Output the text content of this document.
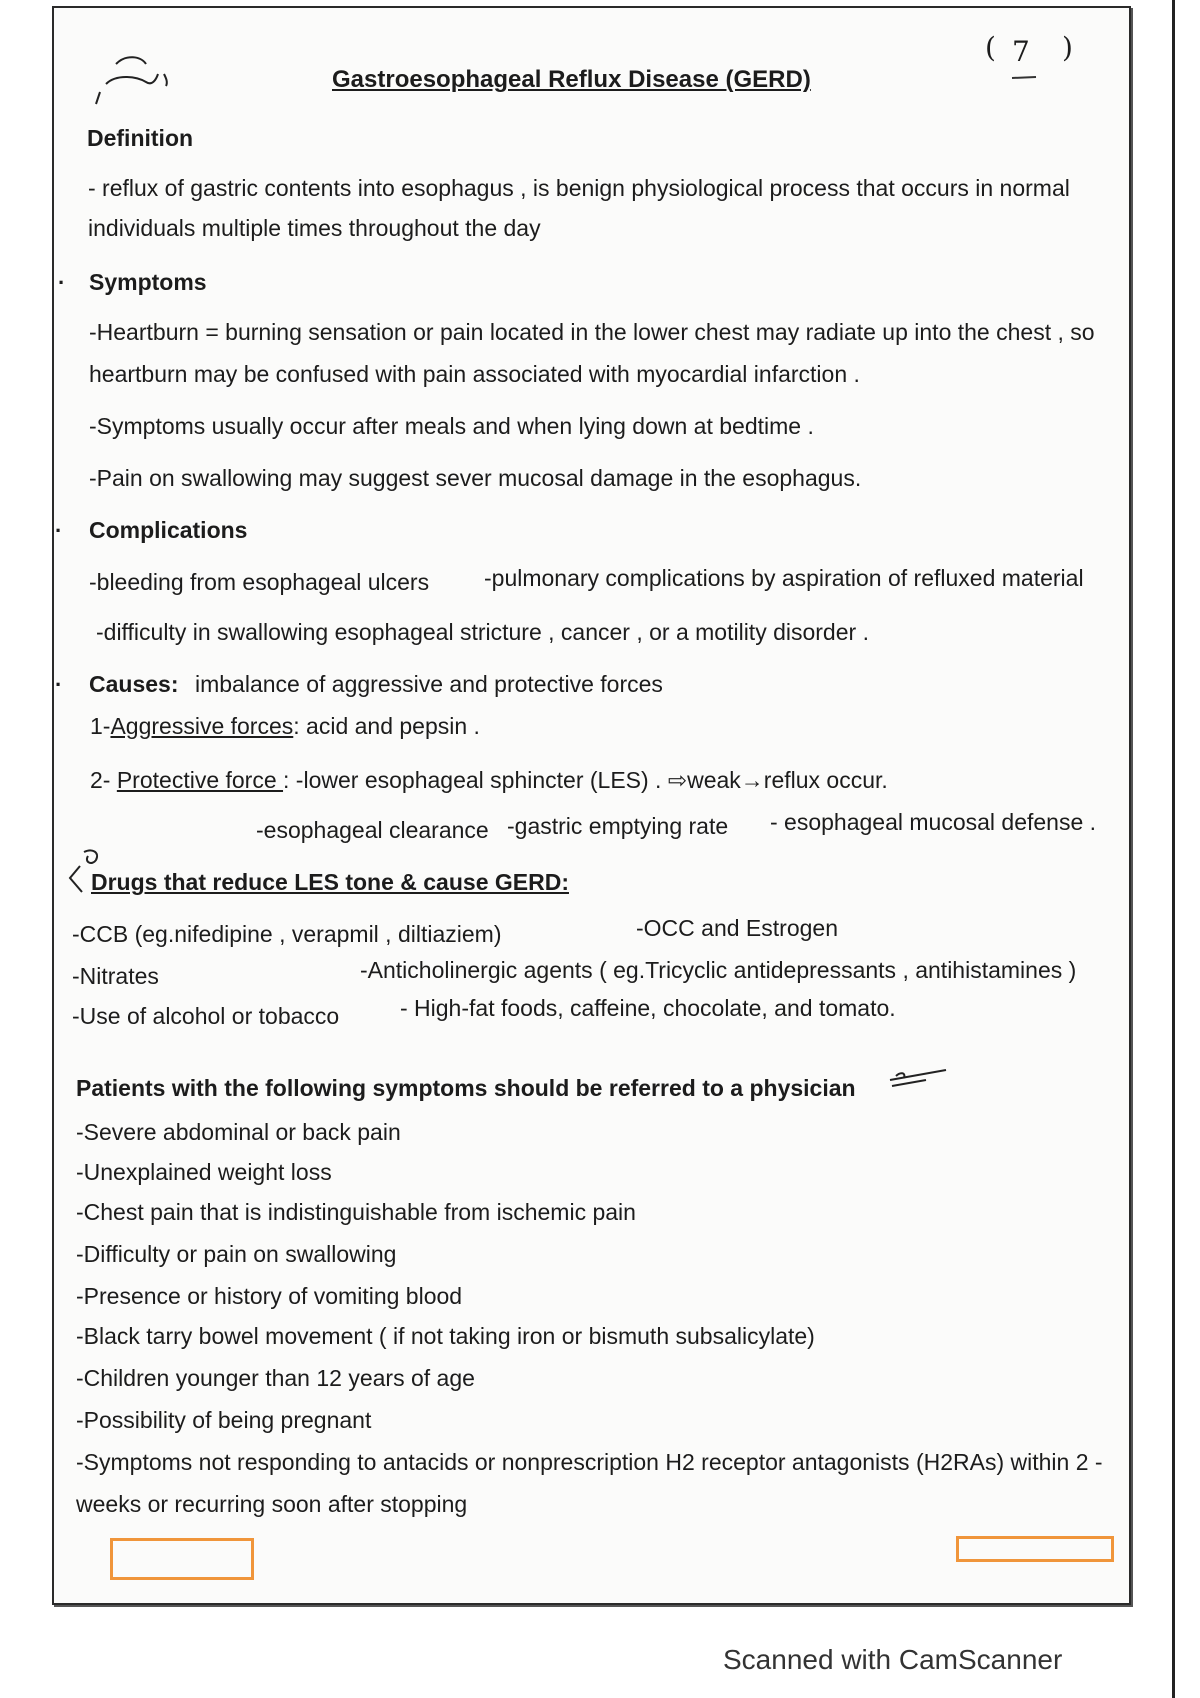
( 7 )
Gastroesophageal Reflux Disease (GERD)
Definition
- reflux of gastric contents into esophagus , is benign physiological process that occurs in normal
individuals multiple times throughout the day
· Symptoms
-Heartburn = burning sensation or pain located in the lower chest may radiate up into the chest , so
heartburn may be confused with pain associated with myocardial infarction .
-Symptoms usually occur after meals and when lying down at bedtime .
-Pain on swallowing may suggest sever mucosal damage in the esophagus.
· Complications
-bleeding from esophageal ulcers -pulmonary complications by aspiration of refluxed material
-difficulty in swallowing esophageal stricture , cancer , or a motility disorder .
· Causes: imbalance of aggressive and protective forces
1-Aggressive forces: acid and pepsin .
2- Protective force : -lower esophageal sphincter (LES) . ⇨weak→reflux occur.
-esophageal clearance -gastric emptying rate - esophageal mucosal defense .
Drugs that reduce LES tone & cause GERD:
-CCB (eg.nifedipine , verapmil , diltiaziem)	-OCC and Estrogen
-Nitrates	-Anticholinergic agents ( eg.Tricyclic antidepressants , antihistamines )
-Use of alcohol or tobacco	- High-fat foods, caffeine, chocolate, and tomato.
Patients with the following symptoms should be referred to a physician
-Severe abdominal or back pain
-Unexplained weight loss
-Chest pain that is indistinguishable from ischemic pain
-Difficulty or pain on swallowing
-Presence or history of vomiting blood
-Black tarry bowel movement ( if not taking iron or bismuth subsalicylate)
-Children younger than 12 years of age
-Possibility of being pregnant
-Symptoms not responding to antacids or nonprescription H2 receptor antagonists (H2RAs) within 2 -
weeks or recurring soon after stopping
Scanned with CamScanner
